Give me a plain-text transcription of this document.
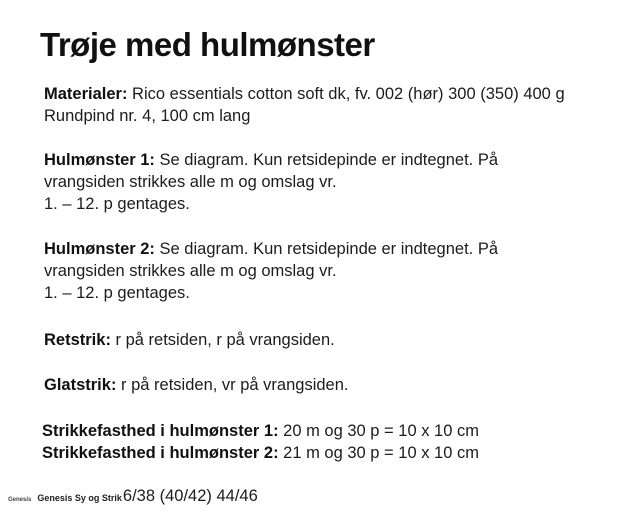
Trøje med hulmønster
Materialer: Rico essentials cotton soft dk, fv. 002 (hør) 300 (350) 400 g
Rundpind nr. 4, 100 cm lang
Hulmønster 1: Se diagram. Kun retsidepinde er indtegnet. På
vrangsiden strikkes alle m og omslag vr.
1. – 12. p gentages.
Hulmønster 2: Se diagram. Kun retsidepinde er indtegnet. På
vrangsiden strikkes alle m og omslag vr.
1. – 12. p gentages.
Retstrik: r på retsiden, r på vrangsiden.
Glatstrik: r på retsiden, vr på vrangsiden.
Strikkefasthed i hulmønster 1: 20 m og 30 p = 10 x 10 cm
Strikkefasthed i hulmønster 2: 21 m og 30 p = 10 x 10 cm
Genesis Genesis Sy og Strik 6/38 (40/42) 44/46
